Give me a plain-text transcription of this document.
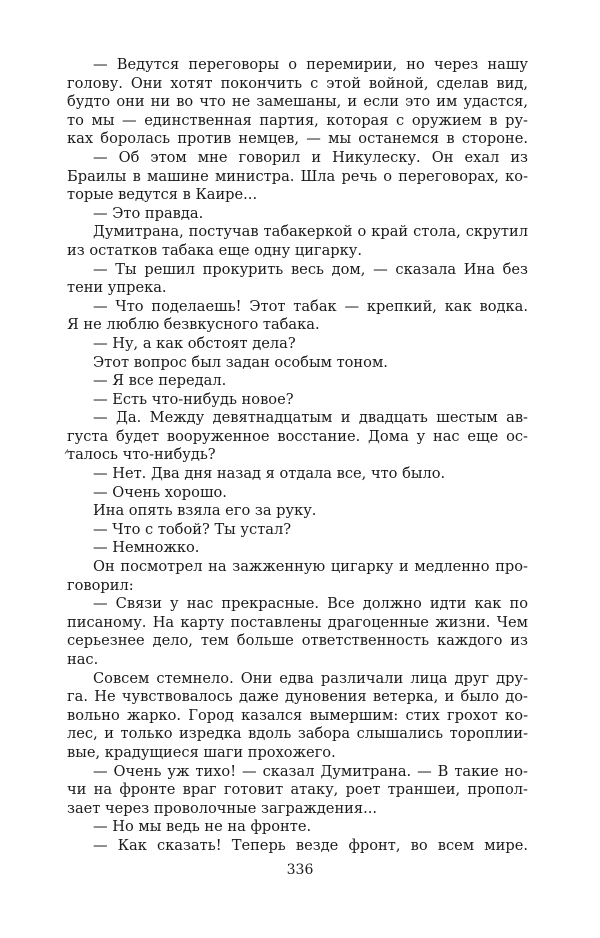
— Ведутся переговоры о перемирии, но через нашу
голову. Они хотят покончить с этой войной, сделав вид,
будто они ни во что не замешаны, и если это им удастся,
то мы — единственная партия, которая с оружием в ру-
ках боролась против немцев, — мы останемся в стороне.
— Об этом мне говорил и Никулеску. Он ехал из
Браилы в машине министра. Шла речь о переговорах, ко-
торые ведутся в Каире...
— Это правда.
Думитрана, постучав табакеркой о край стола, скрутил
из остатков табака еще одну цигарку.
— Ты решил прокурить весь дом, — сказала Ина без
тени упрека.
— Что поделаешь! Этот табак — крепкий, как водка.
Я не люблю безвкусного табака.
— Ну, а как обстоят дела?
Этот вопрос был задан особым тоном.
— Я все передал.
— Есть что-нибудь новое?
— Да. Между девятнадцатым и двадцать шестым ав-
густа будет вооруженное восстание. Дома у нас еще ос-
талось что-нибудь?
— Нет. Два дня назад я отдала все, что было.
— Очень хорошо.
Ина опять взяла его за руку.
— Что с тобой? Ты устал?
— Немножко.
Он посмотрел на зажженную цигарку и медленно про-
говорил:
— Связи у нас прекрасные. Все должно идти как по
писаному. На карту поставлены драгоценные жизни. Чем
серьезнее дело, тем больше ответственность каждого из
нас.
Совсем стемнело. Они едва различали лица друг дру-
га. Не чувствовалось даже дуновения ветерка, и было до-
вольно жарко. Город казался вымершим: стих грохот ко-
лес, и только изредка вдоль забора слышались тороплии-
вые, крадущиеся шаги прохожего.
— Очень уж тихо! — сказал Думитрана. — В такие но-
чи на фронте враг готовит атаку, роет траншеи, пропол-
зает через проволочные заграждения...
— Но мы ведь не на фронте.
— Как сказать! Теперь везде фронт, во всем мире.
336
